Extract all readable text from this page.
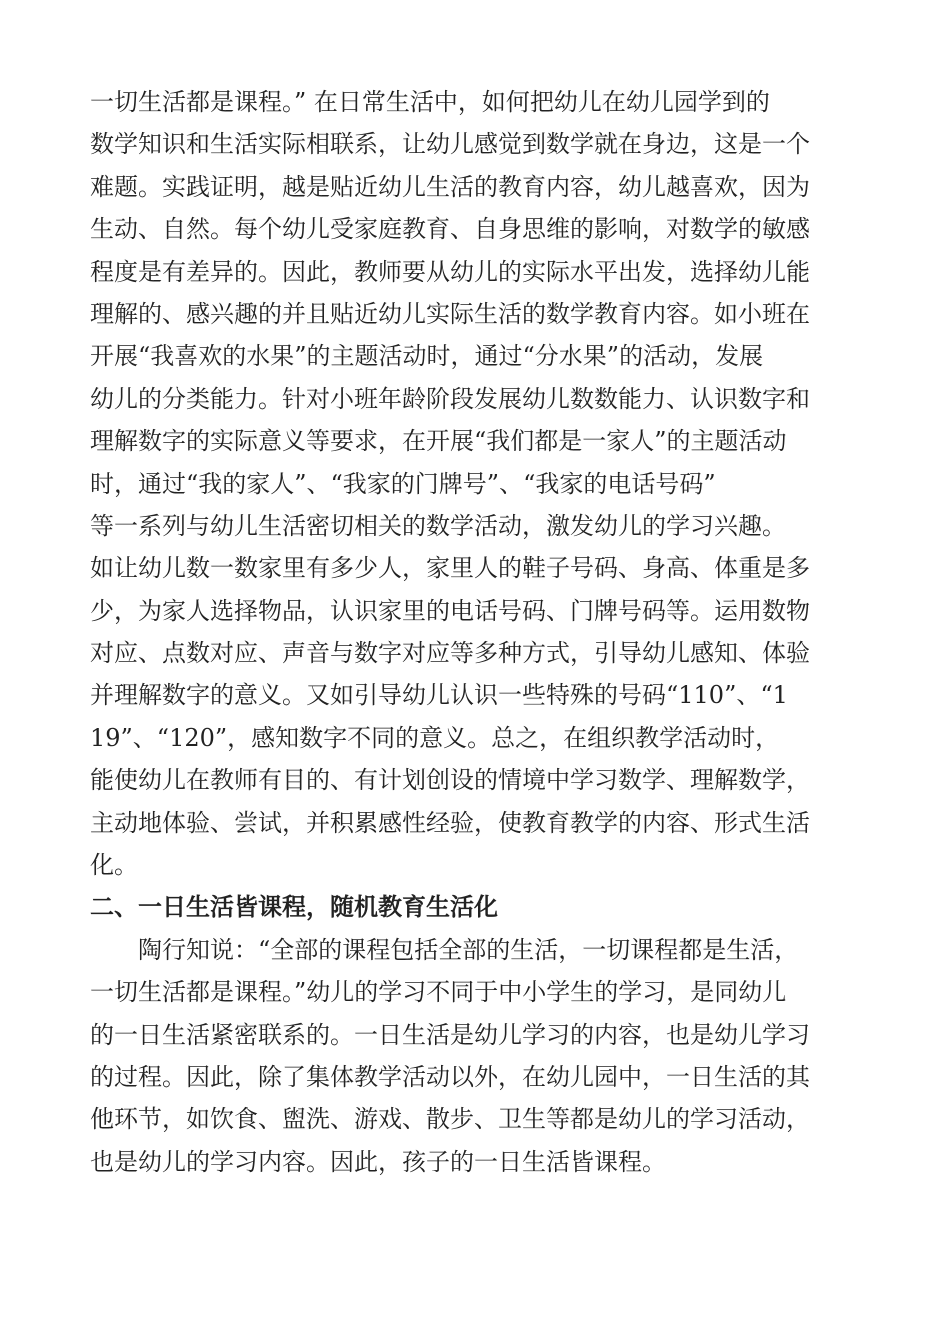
一切生活都是课程。” 在日常生活中，如何把幼儿在幼儿园学到的
数学知识和生活实际相联系，让幼儿感觉到数学就在身边，这是一个
难题。实践证明，越是贴近幼儿生活的教育内容，幼儿越喜欢，因为
生动、自然。每个幼儿受家庭教育、自身思维的影响，对数学的敏感
程度是有差异的。因此，教师要从幼儿的实际水平出发，选择幼儿能
理解的、感兴趣的并且贴近幼儿实际生活的数学教育内容。如小班在
开展“我喜欢的水果”的主题活动时，通过“分水果”的活动，发展
幼儿的分类能力。针对小班年龄阶段发展幼儿数数能力、认识数字和
理解数字的实际意义等要求，在开展“我们都是一家人”的主题活动
时，通过“我的家人”、“我家的门牌号”、“我家的电话号码”
等一系列与幼儿生活密切相关的数学活动，激发幼儿的学习兴趣。
如让幼儿数一数家里有多少人，家里人的鞋子号码、身高、体重是多
少，为家人选择物品，认识家里的电话号码、门牌号码等。运用数物
对应、点数对应、声音与数字对应等多种方式，引导幼儿感知、体验
并理解数字的意义。又如引导幼儿认识一些特殊的号码“110”、“1
19”、“120”，感知数字不同的意义。总之，在组织教学活动时，
能使幼儿在教师有目的、有计划创设的情境中学习数学、理解数学，
主动地体验、尝试，并积累感性经验，使教育教学的内容、形式生活
化。
二、一日生活皆课程，随机教育生活化
陶行知说：“全部的课程包括全部的生活，一切课程都是生活，
一切生活都是课程。”幼儿的学习不同于中小学生的学习，是同幼儿
的一日生活紧密联系的。一日生活是幼儿学习的内容，也是幼儿学习
的过程。因此，除了集体教学活动以外，在幼儿园中，一日生活的其
他环节，如饮食、盥洗、游戏、散步、卫生等都是幼儿的学习活动，
也是幼儿的学习内容。因此，孩子的一日生活皆课程。
